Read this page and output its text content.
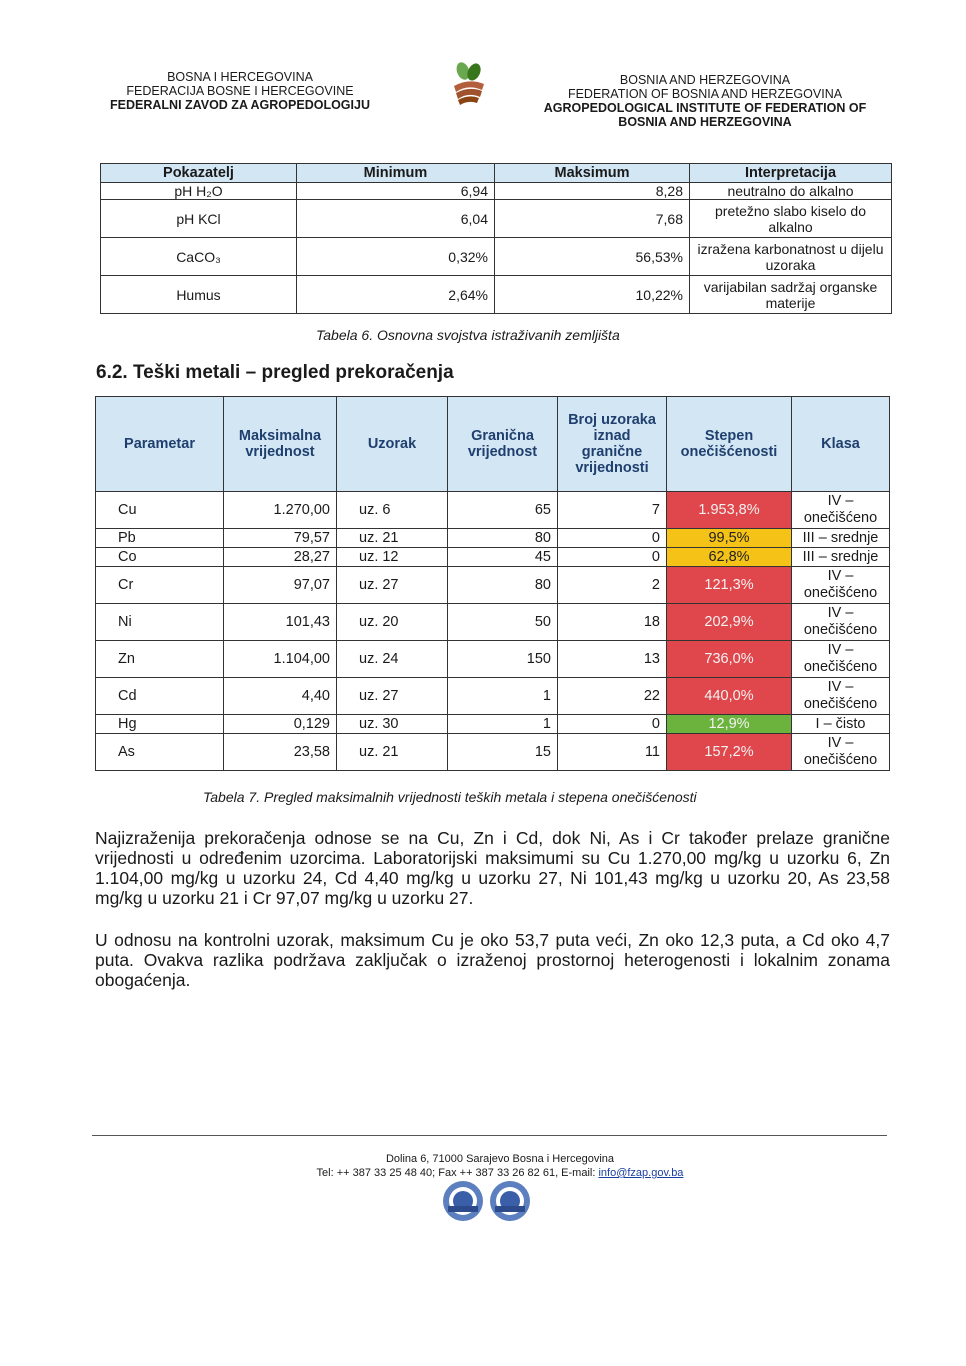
BOSNA I HERCEGOVINA
FEDERACIJA BOSNE I HERCEGOVINE
FEDERALNI ZAVOD ZA AGROPEDOLOGIJU
BOSNIA AND HERZEGOVINA
FEDERATION OF BOSNIA AND HERZEGOVINA
AGROPEDOLOGICAL INSTITUTE OF FEDERATION OF
BOSNIA AND HERZEGOVINA
Pokazatelj	Minimum	Maksimum	Interpretacija
pH H₂O	6,94	8,28	neutralno do alkalno
pH KCl	6,04	7,68	pretežno slabo kiselo do alkalno
CaCO₃	0,32%	56,53%	izražena karbonatnost u dijelu uzoraka
Humus	2,64%	10,22%	varijabilan sadržaj organske materije
Tabela 6. Osnovna svojstva istraživanih zemljišta
6.2. Teški metali – pregled prekoračenja
Parametar	Maksimalna vrijednost	Uzorak	Granična vrijednost	Broj uzoraka iznad granične vrijednosti	Stepen onečišćenosti	Klasa
Cu	1.270,00	uz. 6	65	7	1.953,8%	IV – onečišćeno
Pb	79,57	uz. 21	80	0	99,5%	III – srednje
Co	28,27	uz. 12	45	0	62,8%	III – srednje
Cr	97,07	uz. 27	80	2	121,3%	IV – onečišćeno
Ni	101,43	uz. 20	50	18	202,9%	IV – onečišćeno
Zn	1.104,00	uz. 24	150	13	736,0%	IV – onečišćeno
Cd	4,40	uz. 27	1	22	440,0%	IV – onečišćeno
Hg	0,129	uz. 30	1	0	12,9%	I – čisto
As	23,58	uz. 21	15	11	157,2%	IV – onečišćeno
Tabela 7. Pregled maksimalnih vrijednosti teških metala i stepena onečišćenosti
Najizraženija prekoračenja odnose se na Cu, Zn i Cd, dok Ni, As i Cr također prelaze granične vrijednosti u određenim uzorcima. Laboratorijski maksimumi su Cu 1.270,00 mg/kg u uzorku 6, Zn 1.104,00 mg/kg u uzorku 24, Cd 4,40 mg/kg u uzorku 27, Ni 101,43 mg/kg u uzorku 20, As 23,58 mg/kg u uzorku 21 i Cr 97,07 mg/kg u uzorku 27.
U odnosu na kontrolni uzorak, maksimum Cu je oko 53,7 puta veći, Zn oko 12,3 puta, a Cd oko 4,7 puta. Ovakva razlika podržava zaključak o izraženoj prostornoj heterogenosti i lokalnim zonama obogaćenja.
Dolina 6, 71000 Sarajevo Bosna i Hercegovina
Tel: ++ 387 33 25 48 40; Fax ++ 387 33 26 82 61, E-mail: info@fzap.gov.ba
